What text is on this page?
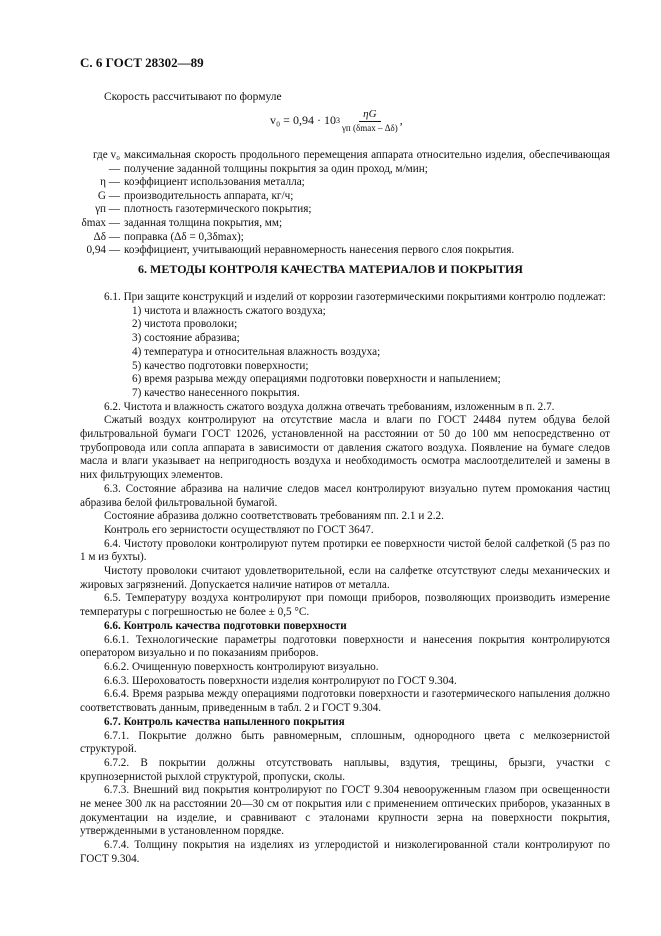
С. 6 ГОСТ 28302—89
Скорость рассчитывают по формуле
v₀ = 0,94 · 10 $3 \frac{\eta G}{\gamma п (\delta\max - \Delta\delta)}$ ,
где v₀ —
максимальная скорость продольного перемещения аппарата относительно изделия, обеспечивающая получение заданной толщины покрытия за один проход, м/мин;
η — коэффициент использования металла;
G — производительность аппарата, кг/ч;
γп — плотность газотермического покрытия;
δmax — заданная толщина покрытия, мм;
Δδ — поправка (Δδ = 0,3δmax);
0,94 — коэффициент, учитывающий неравномерность нанесения первого слоя покрытия.
6. МЕТОДЫ КОНТРОЛЯ КАЧЕСТВА МАТЕРИАЛОВ И ПОКРЫТИЯ

6.1. При защите конструкций и изделий от коррозии газотермическими покрытиями контролю подлежат:

1) чистота и влажность сжатого воздуха;

2) чистота проволоки;

3) состояние абразива;

4) температура и относительная влажность воздуха;

5) качество подготовки поверхности;

6) время разрыва между операциями подготовки поверхности и напылением;

7) качество нанесенного покрытия.

6.2. Чистота и влажность сжатого воздуха должна отвечать требованиям, изложенным в п. 2.7.

Сжатый воздух контролируют на отсутствие масла и влаги по ГОСТ 24484 путем обдува белой фильтровальной бумаги ГОСТ 12026, установленной на расстоянии от 50 до 100 мм непосредственно от трубопровода или сопла аппарата в зависимости от давления сжатого воздуха. Появление на бумаге следов масла и влаги указывает на непригодность воздуха и необходимость осмотра маслоотделителей и замены в них фильтрующих элементов.

6.3. Состояние абразива на наличие следов масел контролируют визуально путем промокания частиц абразива белой фильтровальной бумагой.

Состояние абразива должно соответствовать требованиям пп. 2.1 и 2.2.

Контроль его зернистости осуществляют по ГОСТ 3647.

6.4. Чистоту проволоки контролируют путем протирки ее поверхности чистой белой салфеткой (5 раз по 1 м из бухты).

Чистоту проволоки считают удовлетворительной, если на салфетке отсутствуют следы механических и жировых загрязнений. Допускается наличие натиров от металла.

6.5. Температуру воздуха контролируют при помощи приборов, позволяющих производить измерение температуры с погрешностью не более ± 0,5 °С.

6.6. Контроль качества подготовки поверхности

6.6.1. Технологические параметры подготовки поверхности и нанесения покрытия контролируются оператором визуально и по показаниям приборов.

6.6.2. Очищенную поверхность контролируют визуально.

6.6.3. Шероховатость поверхности изделия контролируют по ГОСТ 9.304.

6.6.4. Время разрыва между операциями подготовки поверхности и газотермического напыления должно соответствовать данным, приведенным в табл. 2 и ГОСТ 9.304.

6.7. Контроль качества напыленного покрытия

6.7.1. Покрытие должно быть равномерным, сплошным, однородного цвета с мелкозернистой структурой.

6.7.2. В покрытии должны отсутствовать наплывы, вздутия, трещины, брызги, участки с крупнозернистой рыхлой структурой, пропуски, сколы.

6.7.3. Внешний вид покрытия контролируют по ГОСТ 9.304 невооруженным глазом при освещенности не менее 300 лк на расстоянии 20—30 см от покрытия или с применением оптических приборов, указанных в документации на изделие, и сравнивают с эталонами крупности зерна на поверхности покрытия, утвержденными в установленном порядке.

6.7.4. Толщину покрытия на изделиях из углеродистой и низколегированной стали контролируют по ГОСТ 9.304.
